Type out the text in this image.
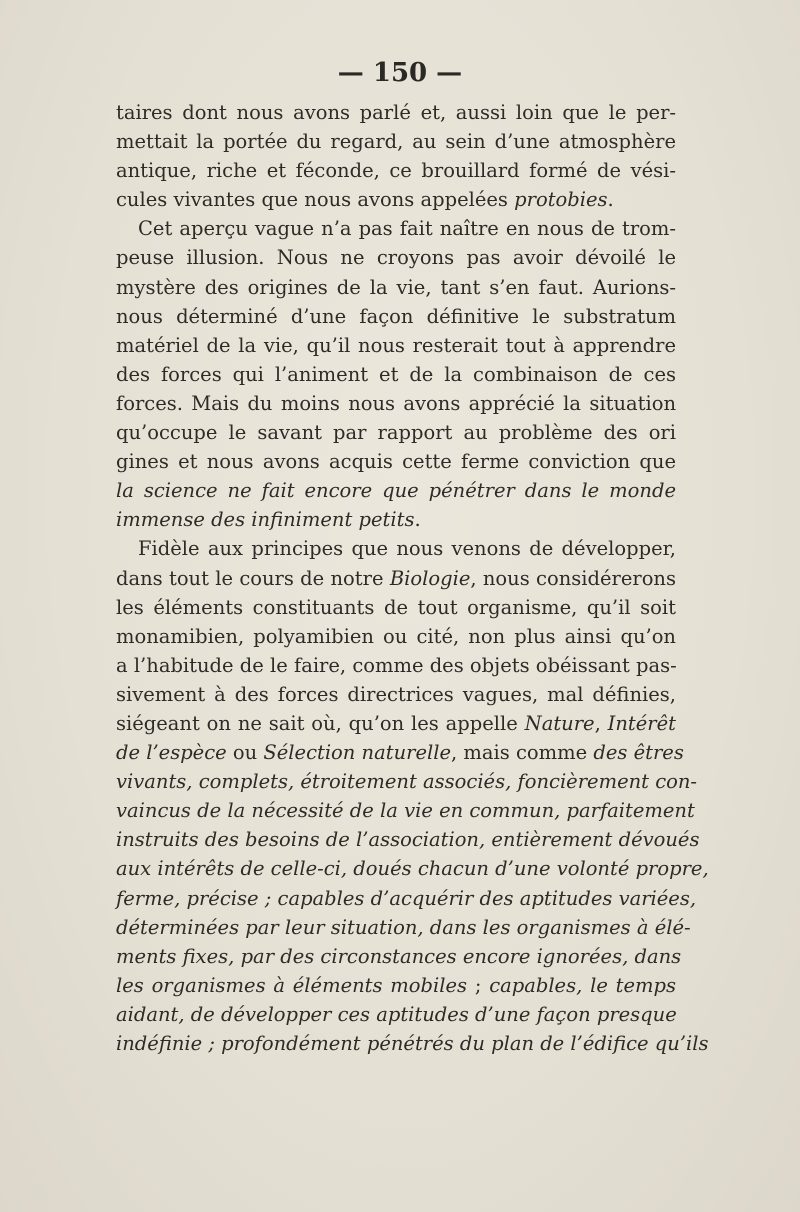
— 150 —
taires dont nous avons parlé et, aussi loin que le per-
mettait la portée du regard, au sein d’une atmosphère
antique, riche et féconde, ce brouillard formé de vési-
cules vivantes que nous avons appelées protobies.
Cet aperçu vague n’a pas fait naître en nous de trom-
peuse illusion. Nous ne croyons pas avoir dévoilé le
mystère des origines de la vie, tant s’en faut. Aurions-
nous déterminé d’une façon définitive le substratum
matériel de la vie, qu’il nous resterait tout à apprendre
des forces qui l’animent et de la combinaison de ces
forces. Mais du moins nous avons apprécié la situation
qu’occupe le savant par rapport au problème des ori
gines et nous avons acquis cette ferme conviction que
la science ne fait encore que pénétrer dans le monde
immense des infiniment petits.
Fidèle aux principes que nous venons de développer,
dans tout le cours de notre Biologie, nous considérerons
les éléments constituants de tout organisme, qu’il soit
monamibien, polyamibien ou cité, non plus ainsi qu’on
a l’habitude de le faire, comme des objets obéissant pas-
sivement à des forces directrices vagues, mal définies,
siégeant on ne sait où, qu’on les appelle Nature, Intérêt
de l’espèce ou Sélection naturelle, mais comme des êtres
vivants, complets, étroitement associés, foncièrement con-
vaincus de la nécessité de la vie en commun, parfaitement
instruits des besoins de l’association, entièrement dévoués
aux intérêts de celle-ci, doués chacun d’une volonté propre,
ferme, précise ; capables d’acquérir des aptitudes variées,
déterminées par leur situation, dans les organismes à élé-
ments fixes, par des circonstances encore ignorées, dans
les organismes à éléments mobiles ; capables, le temps
aidant, de développer ces aptitudes d’une façon presque
indéfinie ; profondément pénétrés du plan de l’édifice qu’ils
